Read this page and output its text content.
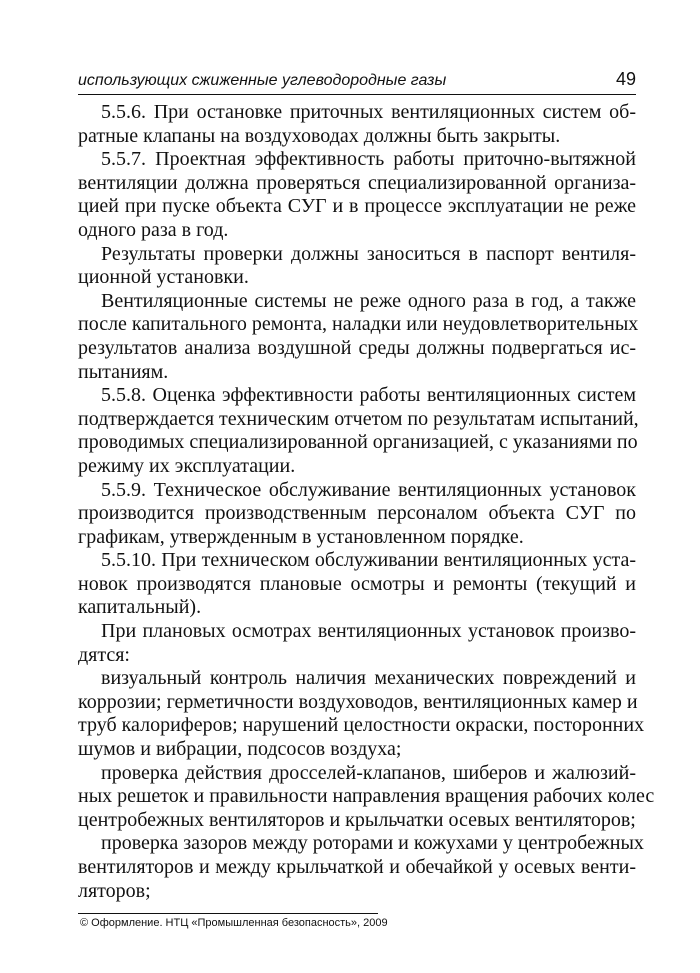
использующих сжиженные углеводородные газы	49

5.5.6. При остановке приточных вентиляционных систем об-
ратные клапаны на воздуховодах должны быть закрыты.

5.5.7. Проектная эффективность работы приточно-вытяжной
вентиляции должна проверяться специализированной организа-
цией при пуске объекта СУГ и в процессе эксплуатации не реже
одного раза в год.

Результаты проверки должны заноситься в паспорт вентиля-
ционной установки.

Вентиляционные системы не реже одного раза в год, а также
после капитального ремонта, наладки или неудовлетворительных
результатов анализа воздушной среды должны подвергаться ис-
пытаниям.

5.5.8. Оценка эффективности работы вентиляционных систем
подтверждается техническим отчетом по результатам испытаний,
проводимых специализированной организацией, с указаниями по
режиму их эксплуатации.

5.5.9. Техническое обслуживание вентиляционных установок
производится производственным персоналом объекта СУГ по
графикам, утвержденным в установленном порядке.

5.5.10. При техническом обслуживании вентиляционных уста-
новок производятся плановые осмотры и ремонты (текущий и
капитальный).

При плановых осмотрах вентиляционных установок произво-
дятся:

визуальный контроль наличия механических повреждений и
коррозии; герметичности воздуховодов, вентиляционных камер и
труб калориферов; нарушений целостности окраски, посторонних
шумов и вибрации, подсосов воздуха;

проверка действия дросселей-клапанов, шиберов и жалюзий-
ных решеток и правильности направления вращения рабочих колес
центробежных вентиляторов и крыльчатки осевых вентиляторов;

проверка зазоров между роторами и кожухами у центробежных
вентиляторов и между крыльчаткой и обечайкой у осевых венти-
ляторов;

© Оформление. НТЦ «Промышленная безопасность», 2009
